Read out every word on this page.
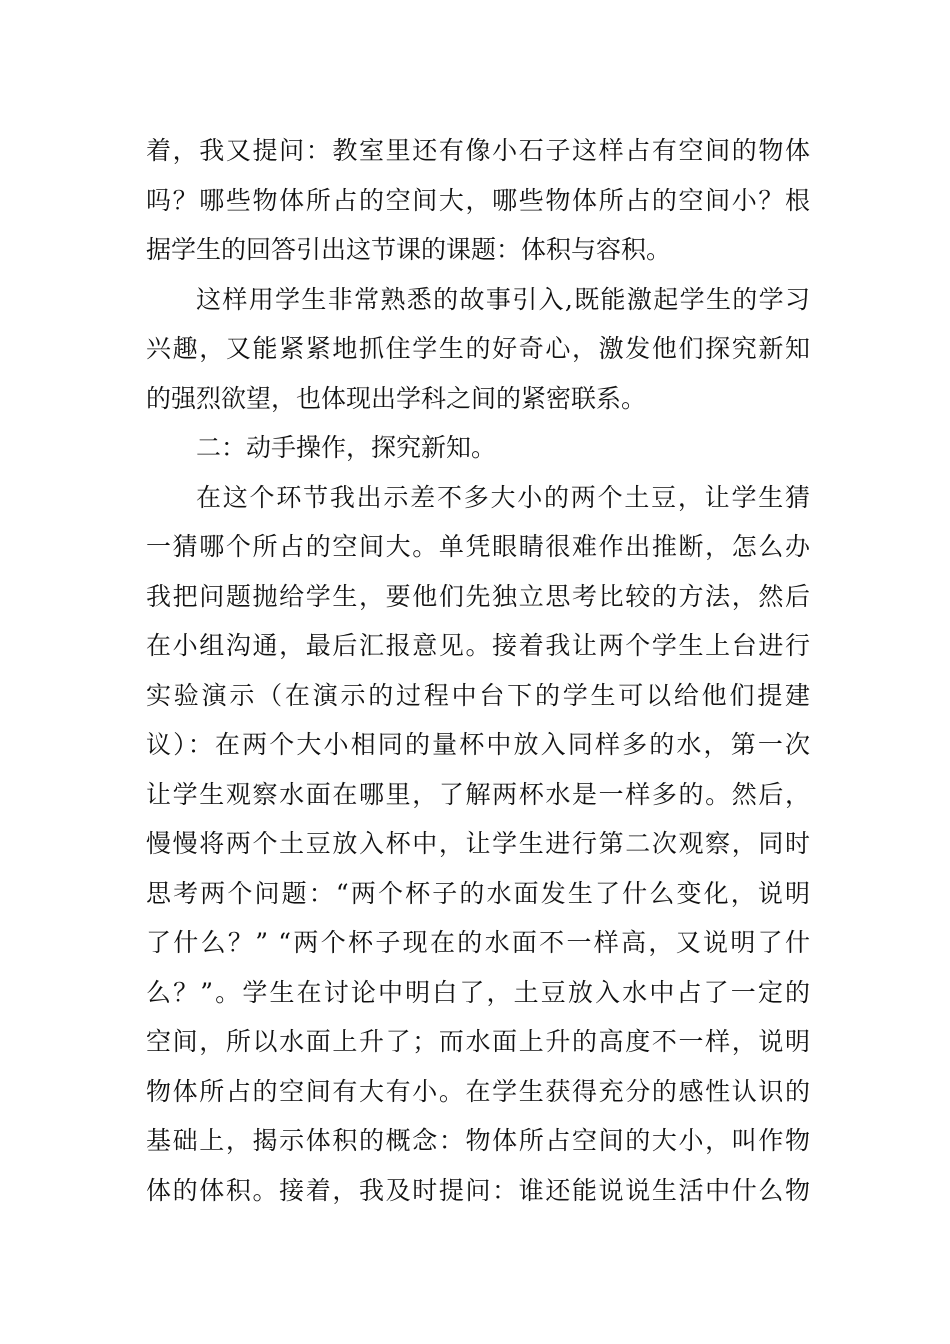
着，我又提问：教室里还有像小石子这样占有空间的物体
吗？哪些物体所占的空间大，哪些物体所占的空间小？根
据学生的回答引出这节课的课题：体积与容积。
这样用学生非常熟悉的故事引入,既能激起学生的学习
兴趣，又能紧紧地抓住学生的好奇心，激发他们探究新知
的强烈欲望，也体现出学科之间的紧密联系。
二：动手操作，探究新知。
在这个环节我出示差不多大小的两个土豆，让学生猜
一猜哪个所占的空间大。单凭眼睛很难作出推断，怎么办
我把问题抛给学生，要他们先独立思考比较的方法，然后
在小组沟通，最后汇报意见。接着我让两个学生上台进行
实验演示（在演示的过程中台下的学生可以给他们提建
议）：在两个大小相同的量杯中放入同样多的水，第一次
让学生观察水面在哪里，了解两杯水是一样多的。然后，
慢慢将两个土豆放入杯中，让学生进行第二次观察，同时
思考两个问题：“两个杯子的水面发生了什么变化，说明
了什么？” “两个杯子现在的水面不一样高，又说明了什
么？”。学生在讨论中明白了，土豆放入水中占了一定的
空间，所以水面上升了；而水面上升的高度不一样，说明
物体所占的空间有大有小。在学生获得充分的感性认识的
基础上，揭示体积的概念：物体所占空间的大小，叫作物
体的体积。接着，我及时提问：谁还能说说生活中什么物
